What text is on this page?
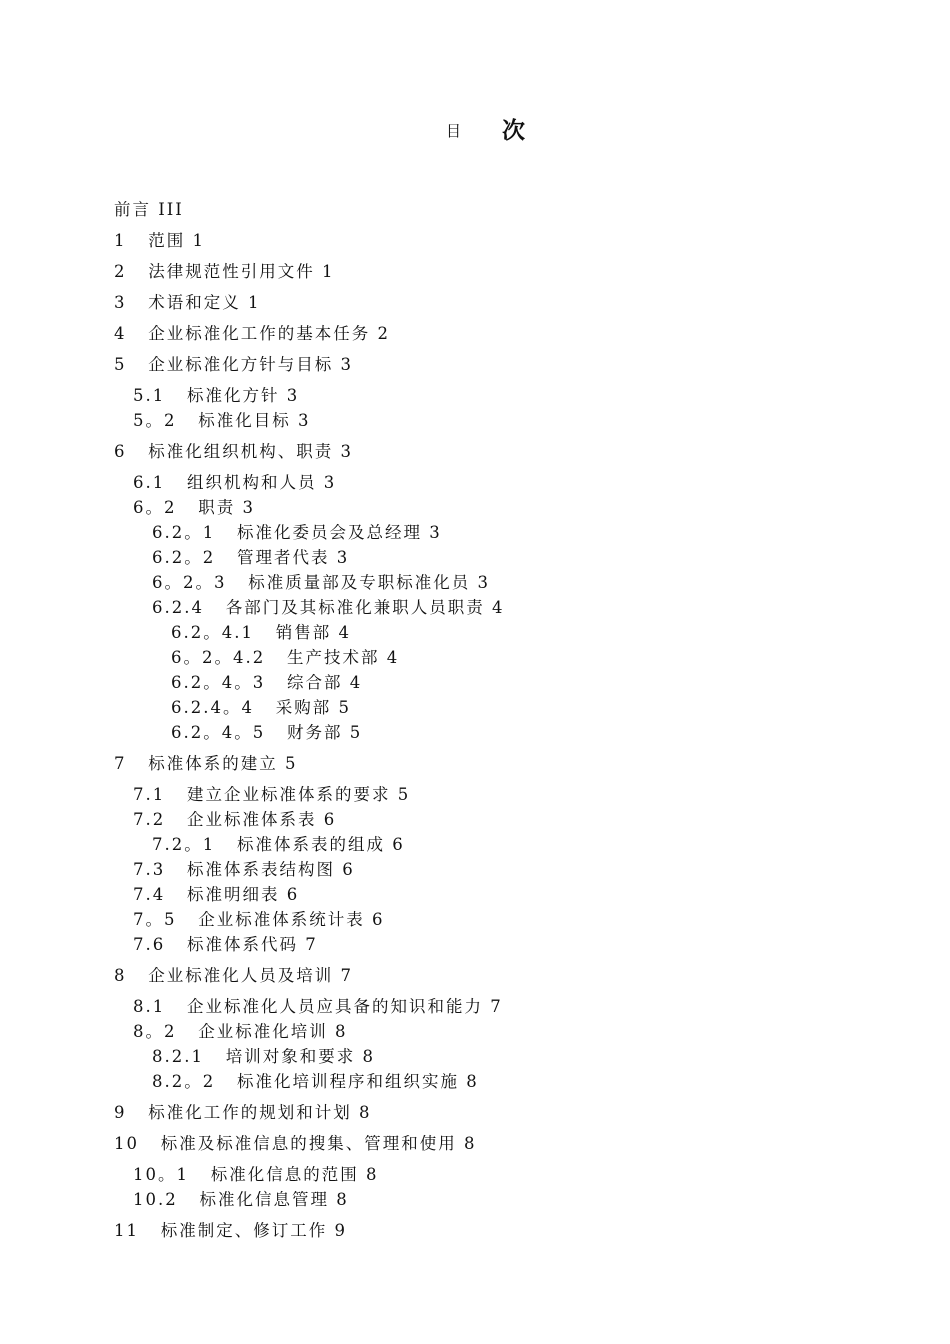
目 次
前言 III
1   范围 1
2   法律规范性引用文件 1
3   术语和定义 1
4   企业标准化工作的基本任务 2
5   企业标准化方针与目标 3
5.1   标准化方针 3
5。2   标准化目标 3
6   标准化组织机构、职责 3
6.1   组织机构和人员 3
6。2   职责 3
6.2。1   标准化委员会及总经理 3
6.2。2   管理者代表 3
6。2。3   标准质量部及专职标准化员 3
6.2.4   各部门及其标准化兼职人员职责 4
6.2。4.1   销售部 4
6。2。4.2   生产技术部 4
6.2。4。3   综合部 4
6.2.4。4   采购部 5
6.2。4。5   财务部 5
7   标准体系的建立 5
7.1   建立企业标准体系的要求 5
7.2   企业标准体系表 6
7.2。1   标准体系表的组成 6
7.3   标准体系表结构图 6
7.4   标准明细表 6
7。5   企业标准体系统计表 6
7.6   标准体系代码 7
8   企业标准化人员及培训 7
8.1   企业标准化人员应具备的知识和能力 7
8。2   企业标准化培训 8
8.2.1   培训对象和要求 8
8.2。2   标准化培训程序和组织实施 8
9   标准化工作的规划和计划 8
10   标准及标准信息的搜集、管理和使用 8
10。1   标准化信息的范围 8
10.2   标准化信息管理 8
11   标准制定、修订工作 9
